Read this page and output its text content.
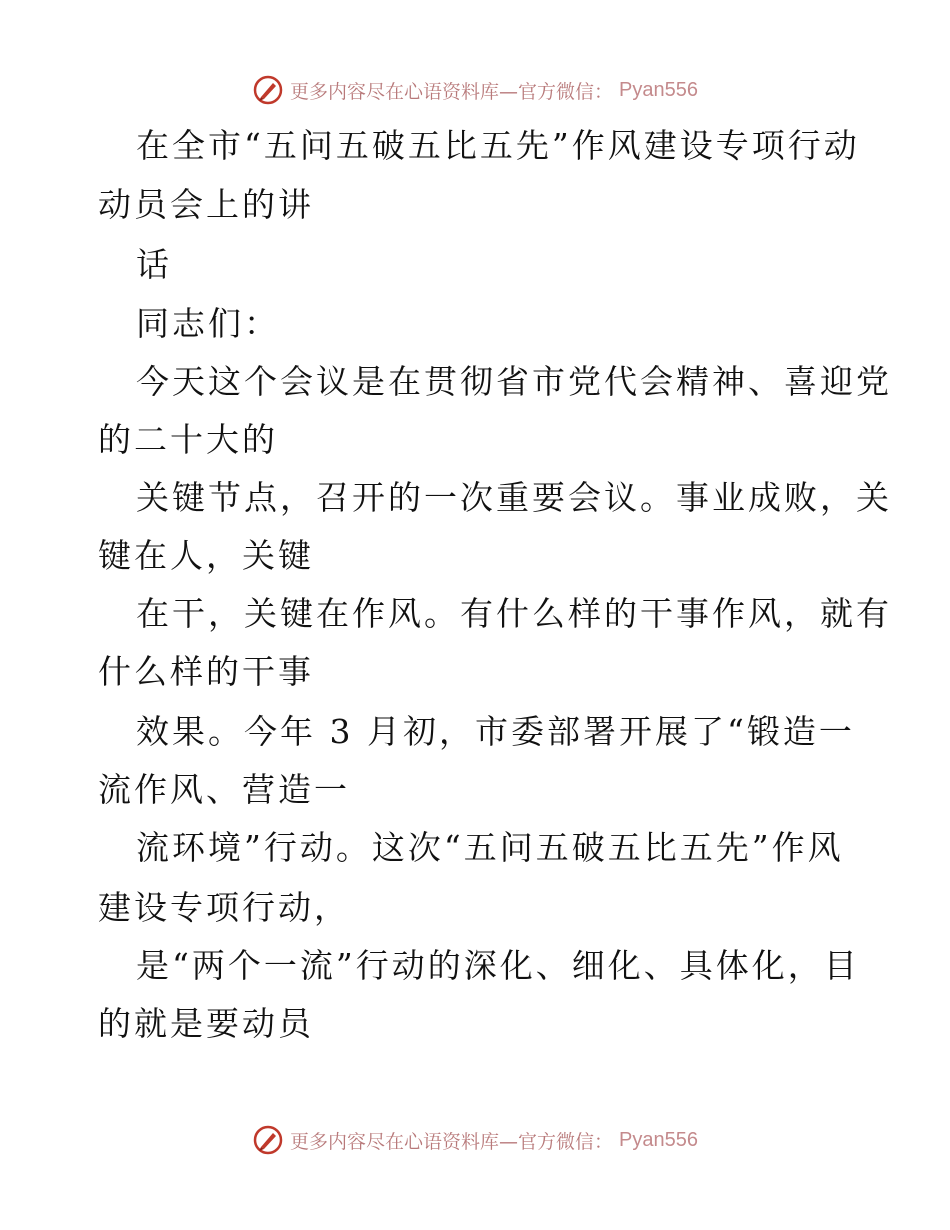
更多内容尽在心语资料库—官方微信： Pyan556
在全市“五问五破五比五先”作风建设专项行动
动员会上的讲
话
同志们：
今天这个会议是在贯彻省市党代会精神、喜迎党
的二十大的
关键节点，召开的一次重要会议。事业成败，关
键在人，关键
在干，关键在作风。有什么样的干事作风，就有
什么样的干事
效果。今年 3 月初，市委部署开展了“锻造一
流作风、营造一
流环境”行动。这次“五问五破五比五先”作风
建设专项行动，
是“两个一流”行动的深化、细化、具体化，目
的就是要动员
更多内容尽在心语资料库—官方微信： Pyan556
